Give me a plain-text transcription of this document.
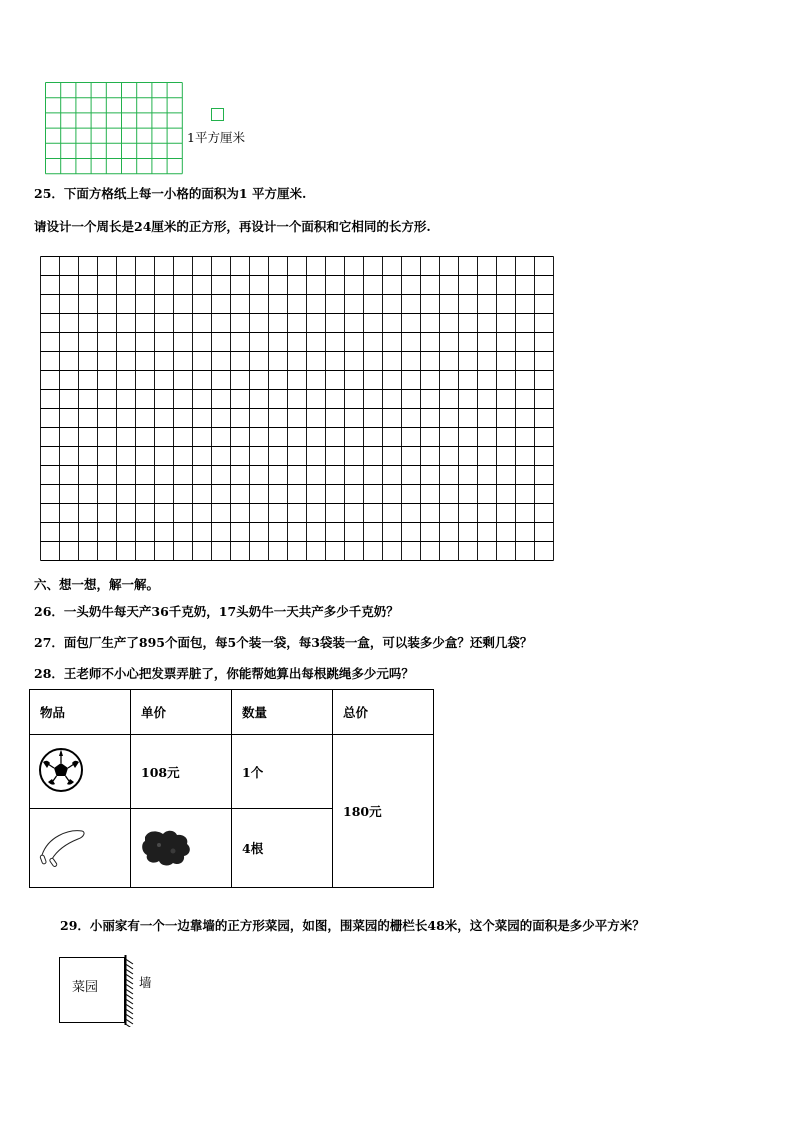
1平方厘米
25．下面方格纸上每一小格的面积为1 平方厘米.
请设计一个周长是24厘米的正方形，再设计一个面积和它相同的长方形.
六、想一想，解一解。
26．一头奶牛每天产36千克奶，17头奶牛一天共产多少千克奶？
27．面包厂生产了895个面包，每5个装一袋，每3袋装一盒，可以装多少盒？还剩几袋？
28．王老师不小心把发票弄脏了，你能帮她算出每根跳绳多少元吗？
物品	单价	数量	总价
	108元	1个	180元
		4根	
29．小丽家有一个一边靠墙的正方形菜园，如图，围菜园的栅栏长48米，这个菜园的面积是多少平方米？
菜园	墙
